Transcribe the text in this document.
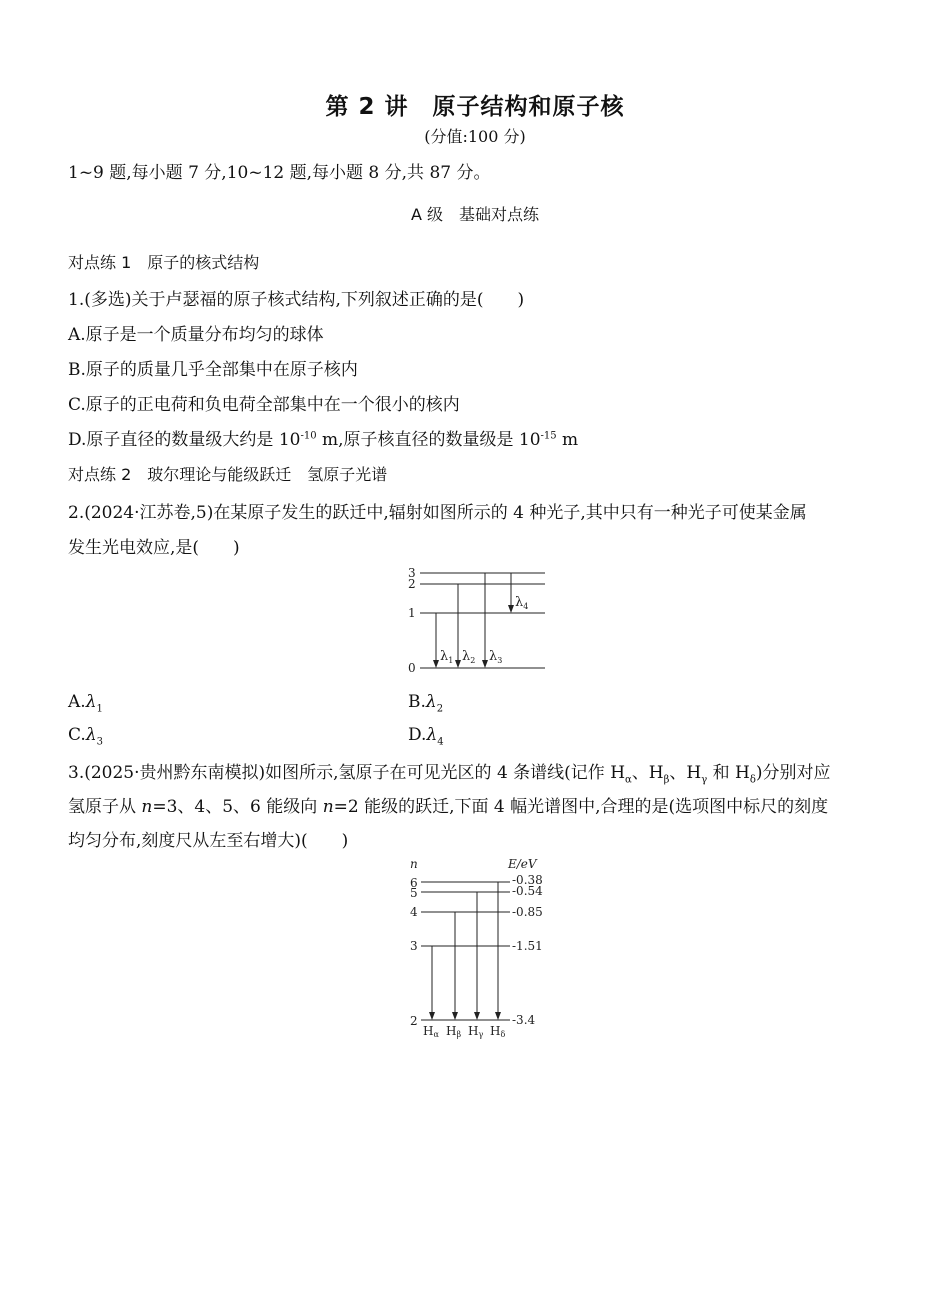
第 2 讲　原子结构和原子核
(分值:100 分)
1~9 题,每小题 7 分,10~12 题,每小题 8 分,共 87 分。
A 级　基础对点练
对点练 1　原子的核式结构
1.(多选)关于卢瑟福的原子核式结构,下列叙述正确的是(　　)
A.原子是一个质量分布均匀的球体
B.原子的质量几乎全部集中在原子核内
C.原子的正电荷和负电荷全部集中在一个很小的核内
D.原子直径的数量级大约是 $10^{-10}$ m,原子核直径的数量级是 $10^{-15}$ m
对点练 2　玻尔理论与能级跃迁　氢原子光谱
2.(2024·江苏卷,5)在某原子发生的跃迁中,辐射如图所示的 4 种光子,其中只有一种光子可使某金属
发生光电效应,是(　　)
3
2
1
0
$\lambda_1$ $\lambda_2$ $\lambda_3$
$\lambda_4$
$A.\lambda_1$	$B.\lambda_2$
$C.\lambda_3$	$D.\lambda_4$
3.(2025·贵州黔东南模拟)如图所示,氢原子在可见光区的 4 条谱线(记作 $H_\alpha$、$H_\beta$、$H_\gamma$ 和 $H_\delta$)分别对应
氢原子从 n=3、4、5、6 能级向 n=2 能级的跃迁,下面 4 幅光谱图中,合理的是(选项图中标尺的刻度
均匀分布,刻度尺从左至右增大)(　　)
n	E/eV
6
5
4
3
2
-0.38
-0.54
-0.85
-1.51
-3.4
Hα Hβ Hγ Hδ
